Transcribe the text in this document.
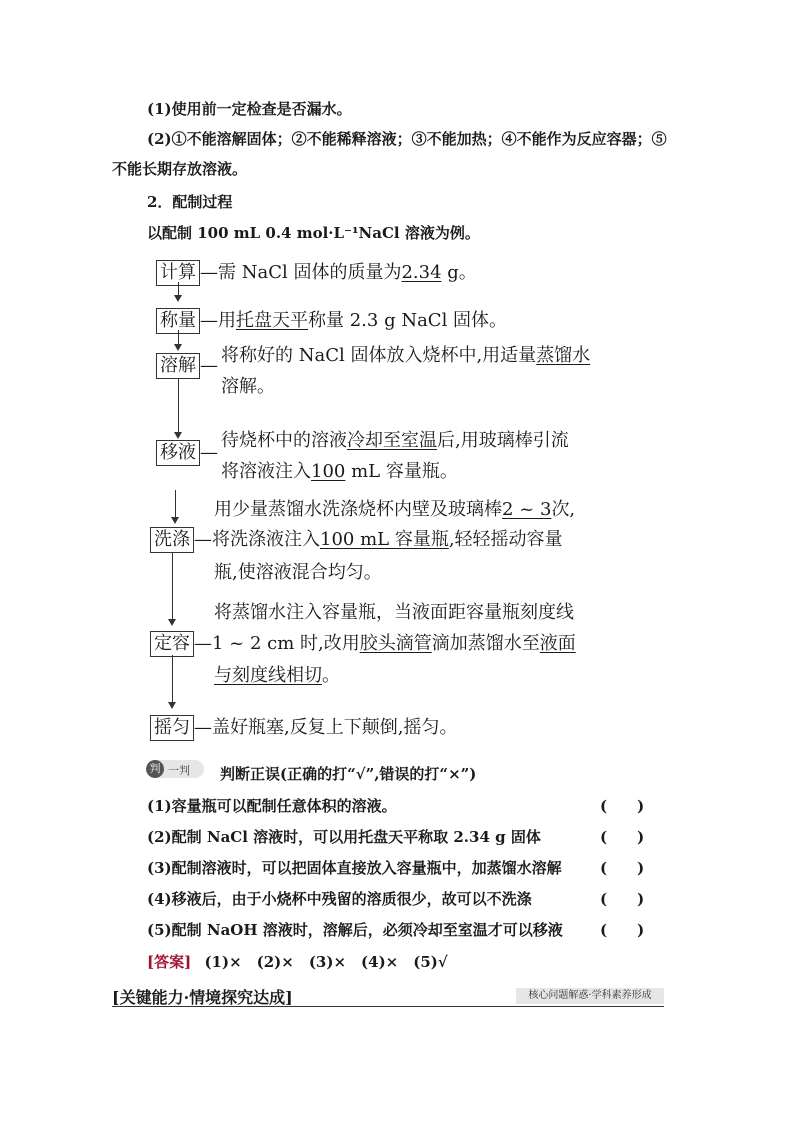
(1)使用前一定检查是否漏水。
(2)①不能溶解固体；②不能稀释溶液；③不能加热；④不能作为反应容器；⑤
不能长期存放溶液。
2．配制过程
以配制 100 mL 0.4 mol·L⁻¹NaCl 溶液为例。
计算 —需 NaCl 固体的质量为2.34 g。
称量 —用托盘天平称量 2.3 g NaCl 固体。
溶解 — 将称好的 NaCl 固体放入烧杯中,用适量蒸馏水
溶解。
移液 —
待烧杯中的溶液冷却至室温后,用玻璃棒引流
将溶液注入100 mL 容量瓶。
用少量蒸馏水洗涤烧杯内壁及玻璃棒2 ~ 3次,
洗涤 —将洗涤液注入100 mL 容量瓶,轻轻摇动容量
瓶,使溶液混合均匀。
将蒸馏水注入容量瓶，当液面距容量瓶刻度线
定容 —1 ~ 2 cm 时,改用胶头滴管滴加蒸馏水至液面
与刻度线相切。
摇匀 —盖好瓶塞,反复上下颠倒,摇匀。
判 一判 判断正误(正确的打“√”,错误的打“×”)
(1)容量瓶可以配制任意体积的溶液。
(2)配制 NaCl 溶液时，可以用托盘天平称取 2.34 g 固体
(3)配制溶液时，可以把固体直接放入容量瓶中，加蒸馏水溶解
(4)移液后，由于小烧杯中残留的溶质很少，故可以不洗涤
(5)配制 NaOH 溶液时，溶解后，必须冷却至室温才可以移液
(　　)
(　　)
(　　)
(　　)
(　　)
[答案] (1)×　(2)×　(3)×　(4)×　(5)√
[关键能力·情境探究达成]	核心问题解惑·学科素养形成
